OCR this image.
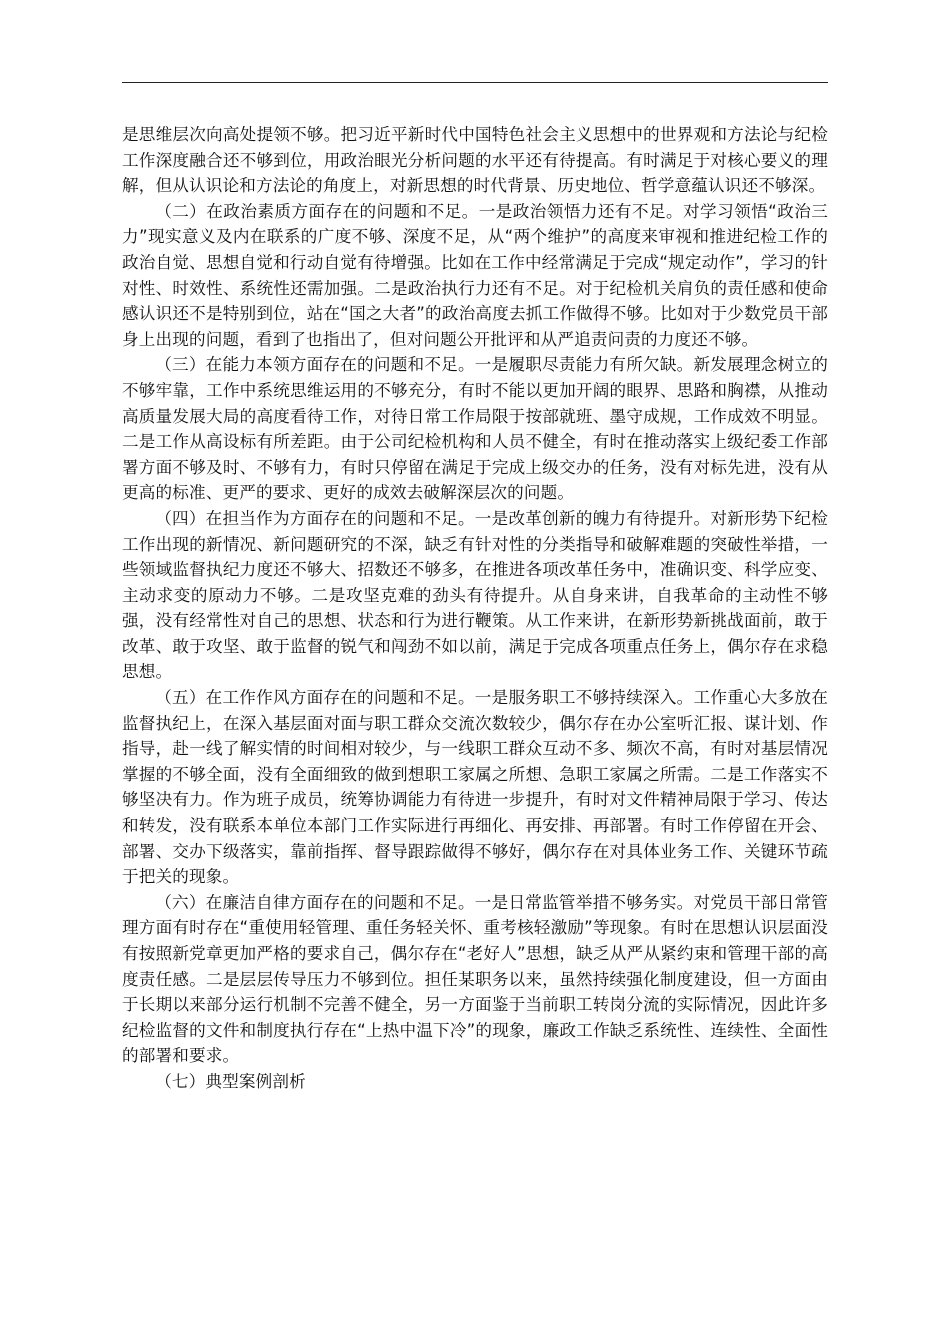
是思维层次向高处提领不够。把习近平新时代中国特色社会主义思想中的世界观和方法论与纪检工作深度融合还不够到位，用政治眼光分析问题的水平还有待提高。有时满足于对核心要义的理解，但从认识论和方法论的角度上，对新思想的时代背景、历史地位、哲学意蕴认识还不够深。

（二）在政治素质方面存在的问题和不足。一是政治领悟力还有不足。对学习领悟“政治三力”现实意义及内在联系的广度不够、深度不足，从“两个维护”的高度来审视和推进纪检工作的政治自觉、思想自觉和行动自觉有待增强。比如在工作中经常满足于完成“规定动作”，学习的针对性、时效性、系统性还需加强。二是政治执行力还有不足。对于纪检机关肩负的责任感和使命感认识还不是特别到位，站在“国之大者”的政治高度去抓工作做得不够。比如对于少数党员干部身上出现的问题，看到了也指出了，但对问题公开批评和从严追责问责的力度还不够。

（三）在能力本领方面存在的问题和不足。一是履职尽责能力有所欠缺。新发展理念树立的不够牢靠，工作中系统思维运用的不够充分，有时不能以更加开阔的眼界、思路和胸襟，从推动高质量发展大局的高度看待工作，对待日常工作局限于按部就班、墨守成规，工作成效不明显。二是工作从高设标有所差距。由于公司纪检机构和人员不健全，有时在推动落实上级纪委工作部署方面不够及时、不够有力，有时只停留在满足于完成上级交办的任务，没有对标先进，没有从更高的标准、更严的要求、更好的成效去破解深层次的问题。

（四）在担当作为方面存在的问题和不足。一是改革创新的魄力有待提升。对新形势下纪检工作出现的新情况、新问题研究的不深，缺乏有针对性的分类指导和破解难题的突破性举措，一些领域监督执纪力度还不够大、招数还不够多，在推进各项改革任务中，准确识变、科学应变、主动求变的原动力不够。二是攻坚克难的劲头有待提升。从自身来讲，自我革命的主动性不够强，没有经常性对自己的思想、状态和行为进行鞭策。从工作来讲，在新形势新挑战面前，敢于改革、敢于攻坚、敢于监督的锐气和闯劲不如以前，满足于完成各项重点任务上，偶尔存在求稳思想。

（五）在工作作风方面存在的问题和不足。一是服务职工不够持续深入。工作重心大多放在监督执纪上，在深入基层面对面与职工群众交流次数较少，偶尔存在办公室听汇报、谋计划、作指导，赴一线了解实情的时间相对较少，与一线职工群众互动不多、频次不高，有时对基层情况掌握的不够全面，没有全面细致的做到想职工家属之所想、急职工家属之所需。二是工作落实不够坚决有力。作为班子成员，统筹协调能力有待进一步提升，有时对文件精神局限于学习、传达和转发，没有联系本单位本部门工作实际进行再细化、再安排、再部署。有时工作停留在开会、部署、交办下级落实，靠前指挥、督导跟踪做得不够好，偶尔存在对具体业务工作、关键环节疏于把关的现象。

（六）在廉洁自律方面存在的问题和不足。一是日常监管举措不够务实。对党员干部日常管理方面有时存在“重使用轻管理、重任务轻关怀、重考核轻激励”等现象。有时在思想认识层面没有按照新党章更加严格的要求自己，偶尔存在“老好人”思想，缺乏从严从紧约束和管理干部的高度责任感。二是层层传导压力不够到位。担任某职务以来，虽然持续强化制度建设，但一方面由于长期以来部分运行机制不完善不健全，另一方面鉴于当前职工转岗分流的实际情况，因此许多纪检监督的文件和制度执行存在“上热中温下冷”的现象，廉政工作缺乏系统性、连续性、全面性的部署和要求。

（七）典型案例剖析
